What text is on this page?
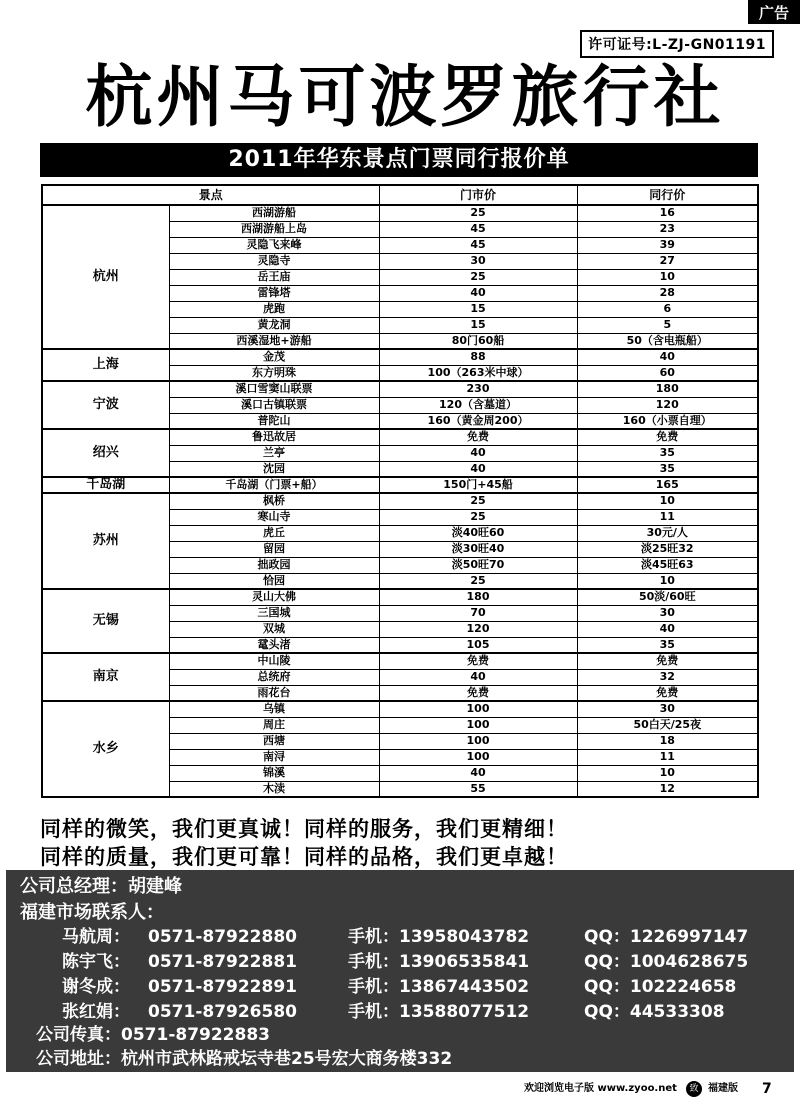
广告
许可证号:L-ZJ-GN01191
杭州马可波罗旅行社
2011年华东景点门票同行报价单
景点		门市价	同行价
杭州	西湖游船	25	16
	西湖游船上岛	45	23
	灵隐飞来峰	45	39
	灵隐寺	30	27
	岳王庙	25	10
	雷锋塔	40	28
	虎跑	15	6
	黄龙洞	15	5
	西溪湿地+游船	80门60船	50（含电瓶船）
上海	金茂	88	40
	东方明珠	100（263米中球）	60
宁波	溪口雪窦山联票	230	180
	溪口古镇联票	120（含墓道）	120
	普陀山	160（黄金周200）	160（小票自理）
绍兴	鲁迅故居	免费	免费
	兰亭	40	35
	沈园	40	35
千岛湖	千岛湖（门票+船）	150门+45船	165
苏州	枫桥	25	10
	寒山寺	25	11
	虎丘	淡40旺60	30元/人
	留园	淡30旺40	淡25旺32
	拙政园	淡50旺70	淡45旺63
	恰园	25	10
无锡	灵山大佛	180	50淡/60旺
	三国城	70	30
	双城	120	40
	鼋头渚	105	35
南京	中山陵	免费	免费
	总统府	40	32
	雨花台	免费	免费
水乡	乌镇	100	30
	周庄	100	50白天/25夜
	西塘	100	18
	南浔	100	11
	锦溪	40	10
	木渎	55	12
同样的微笑，我们更真诚！同样的服务，我们更精细！
同样的质量，我们更可靠！同样的品格，我们更卓越！
公司总经理：胡建峰
福建市场联系人：
马航周： 0571-87922880	手机：13958043782	QQ：1226997147
陈宇飞： 0571-87922881	手机：13906535841	QQ：1004628675
谢冬成： 0571-87922891	手机：13867443502	QQ：102224658
张红娟： 0571-87926580	手机：13588077512	QQ：44533308
公司传真：0571-87922883
公司地址：杭州市武林路戒坛寺巷25号宏大商务楼332
欢迎浏览电子版 www.zyoo.net	致 福建版 7
